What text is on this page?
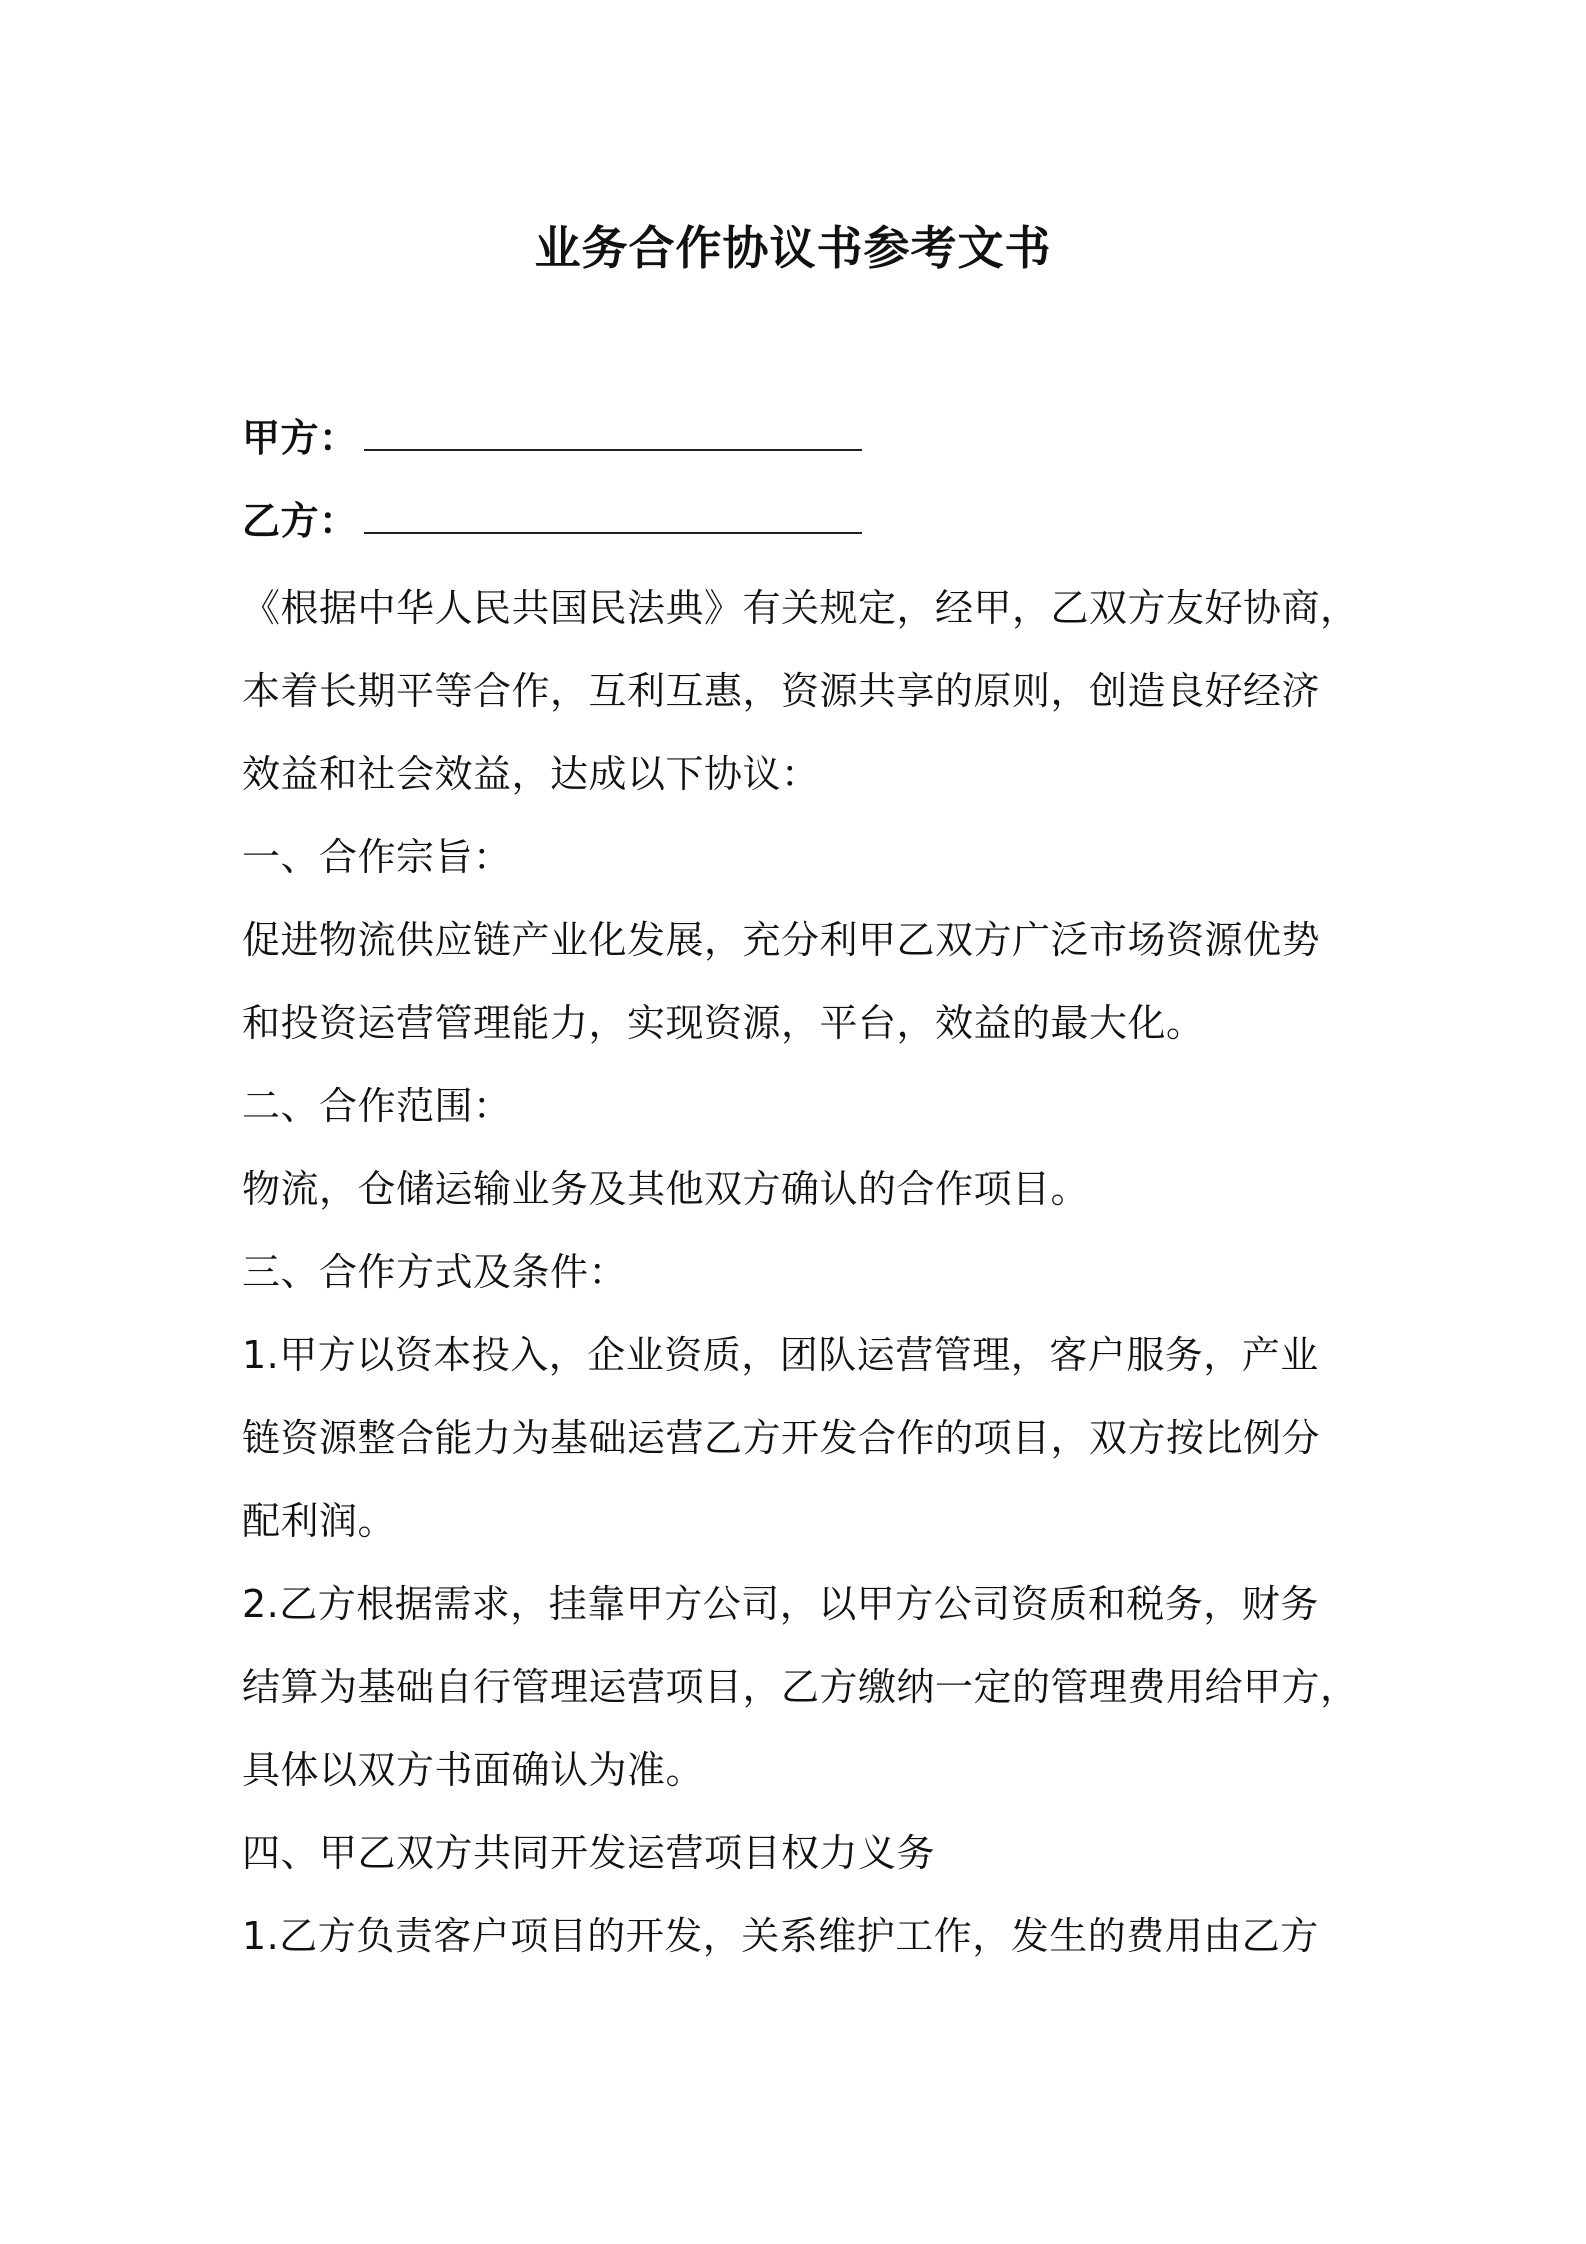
业务合作协议书参考文书
甲方：
乙方：
《根据中华人民共国民法典》有关规定，经甲，乙双方友好协商，
本着长期平等合作，互利互惠，资源共享的原则，创造良好经济
效益和社会效益，达成以下协议：
一、合作宗旨：
促进物流供应链产业化发展，充分利甲乙双方广泛市场资源优势
和投资运营管理能力，实现资源，平台，效益的最大化。
二、合作范围：
物流，仓储运输业务及其他双方确认的合作项目。
三、合作方式及条件：
1.甲方以资本投入，企业资质，团队运营管理，客户服务，产业
链资源整合能力为基础运营乙方开发合作的项目，双方按比例分
配利润。
2.乙方根据需求，挂靠甲方公司，以甲方公司资质和税务，财务
结算为基础自行管理运营项目，乙方缴纳一定的管理费用给甲方，
具体以双方书面确认为准。
四、甲乙双方共同开发运营项目权力义务
1.乙方负责客户项目的开发，关系维护工作，发生的费用由乙方
